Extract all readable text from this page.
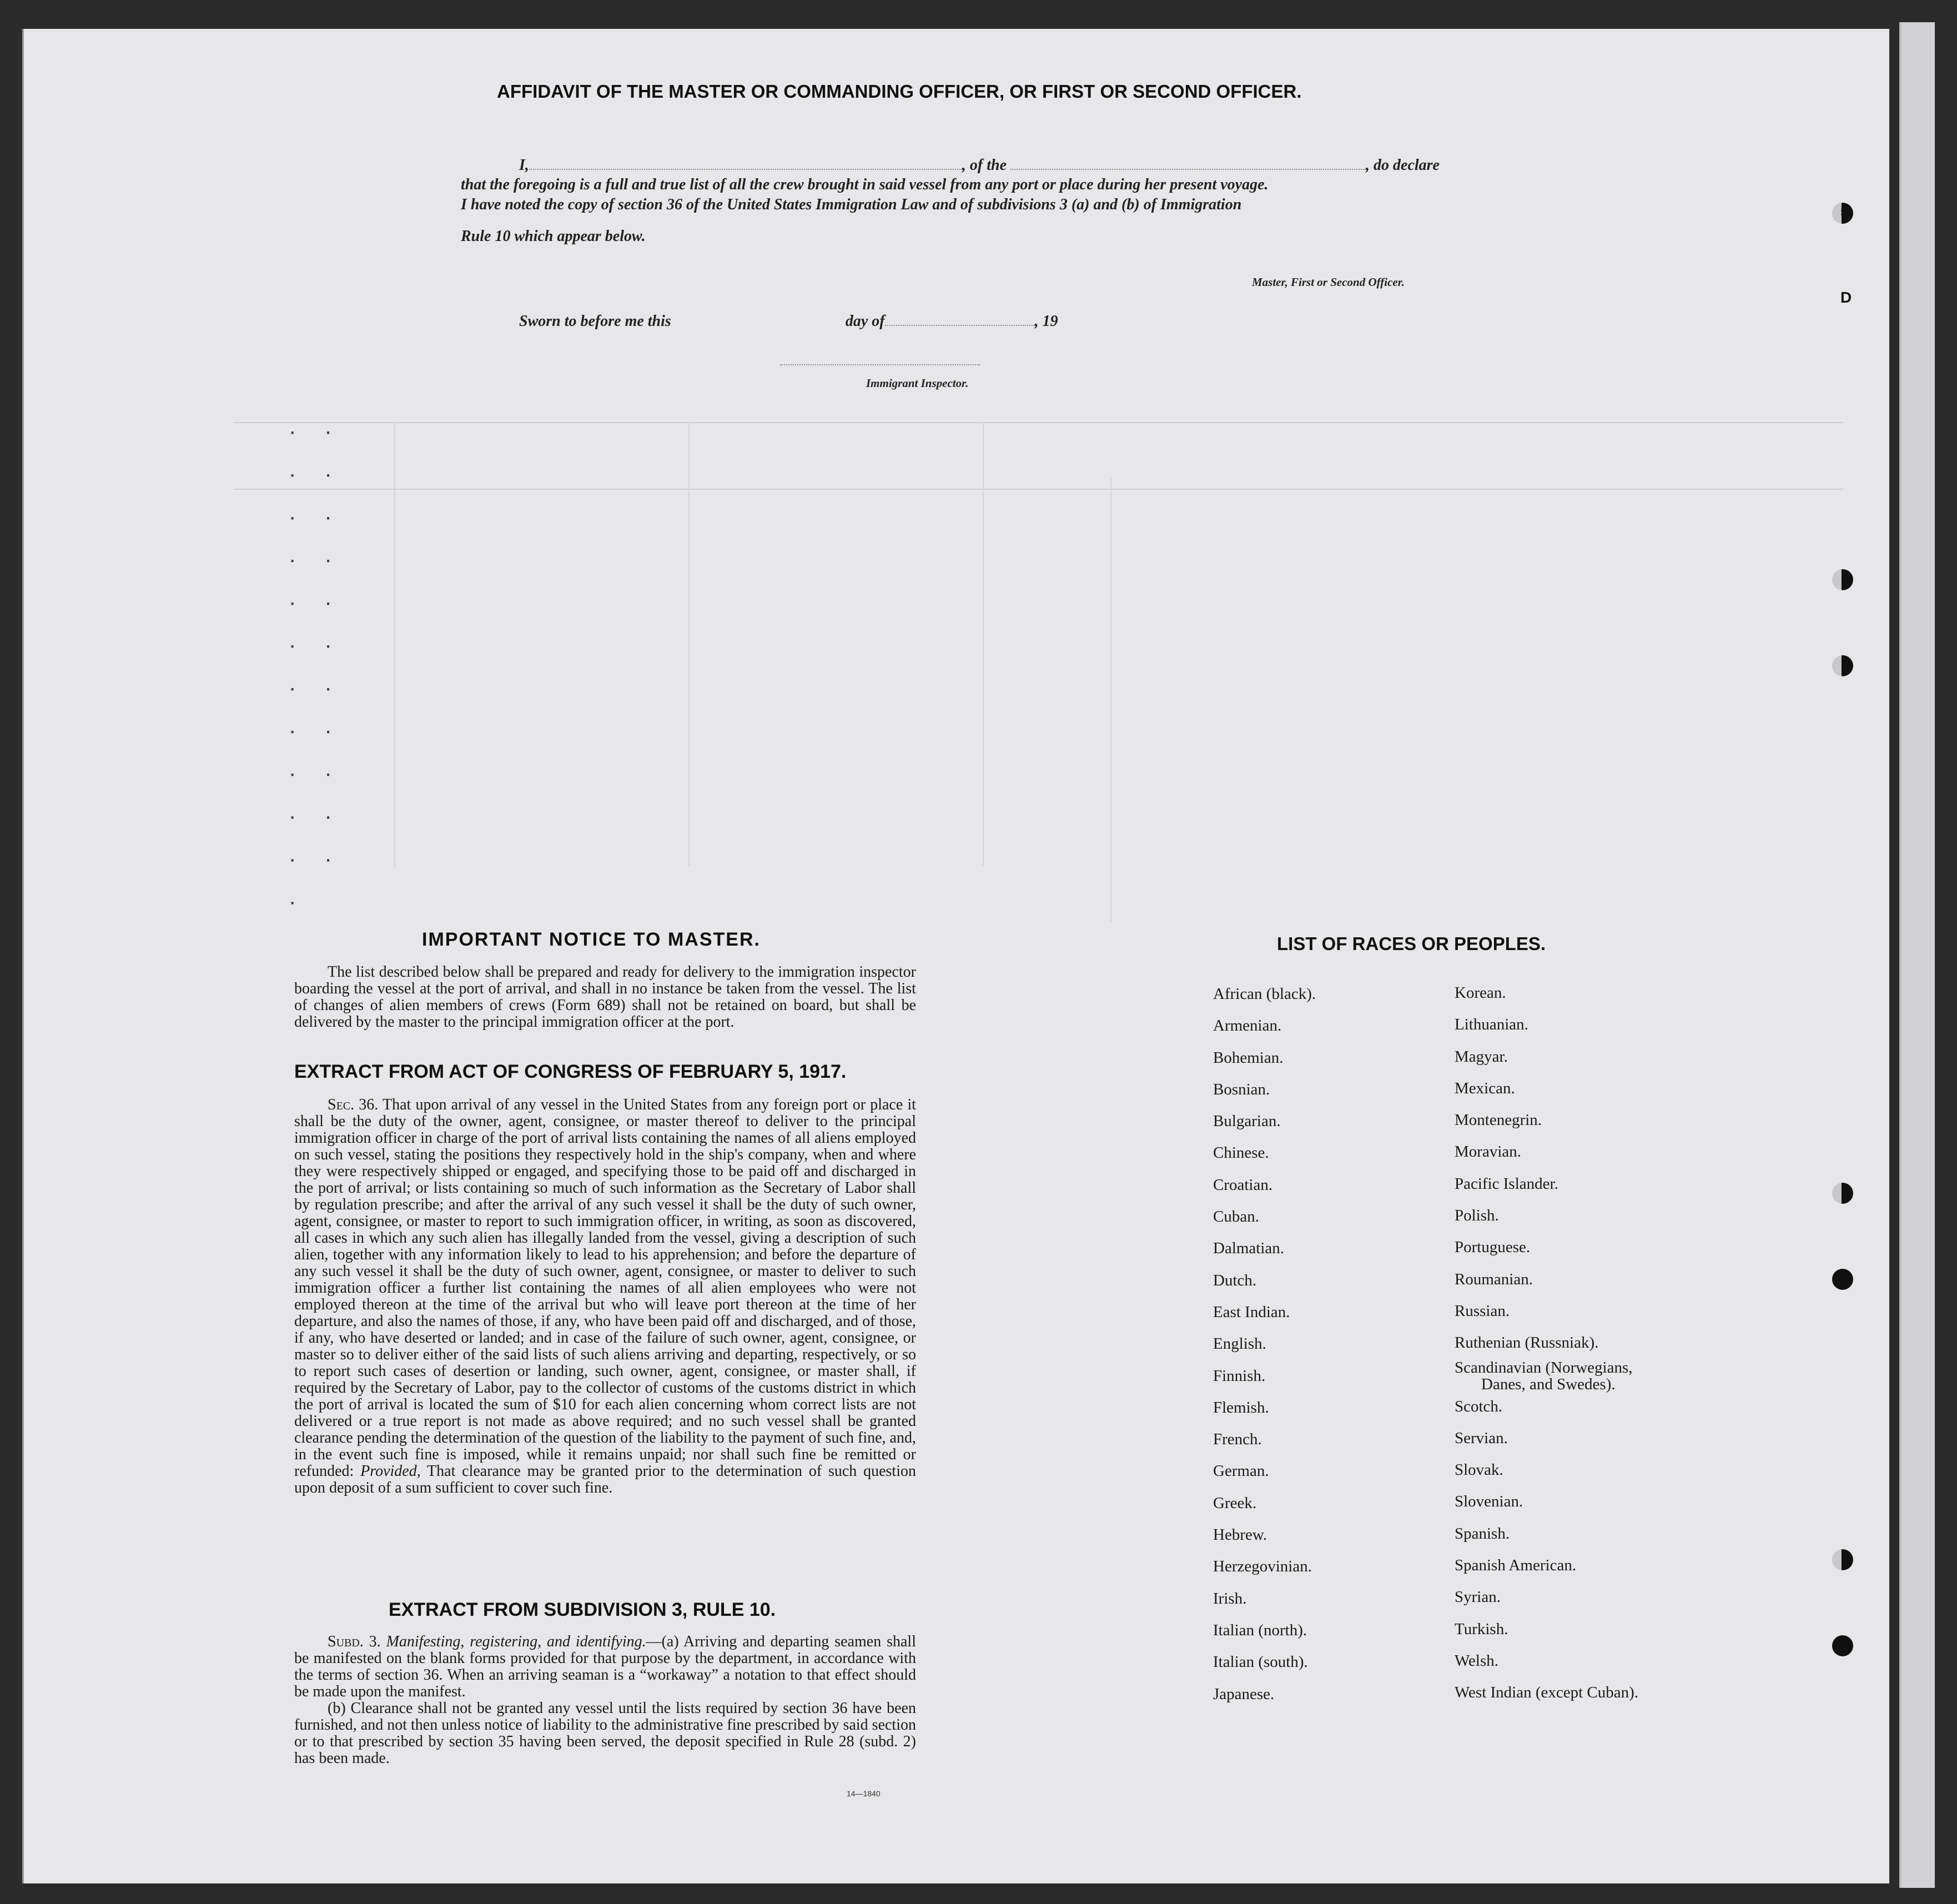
· ·
· ·
· ·
· ·
· ·
· ·
· ·
· ·
· ·
· ·
· ·
·
5
D
AFFIDAVIT OF THE MASTER OR COMMANDING OFFICER, OR FIRST OR SECOND OFFICER.
I,	, of the	, do declare
that the foregoing is a full and true list of all the crew brought in said vessel from any port or place during her present voyage.
I have noted the copy of section 36 of the United States Immigration Law and of subdivisions 3 (a) and (b) of Immigration
Rule 10 which appear below.
Master, First or Second Officer.
Sworn to before me this	day of	, 19
Immigrant Inspector.
IMPORTANT NOTICE TO MASTER.
The list described below shall be prepared and ready for delivery to the immigration inspector boarding the vessel at the port of arrival, and shall in no instance be taken from the vessel. The list of changes of alien members of crews (Form 689) shall not be retained on board, but shall be delivered by the master to the principal immigration officer at the port.
EXTRACT FROM ACT OF CONGRESS OF FEBRUARY 5, 1917.
Sec. 36. That upon arrival of any vessel in the United States from any foreign port or place it shall be the duty of the owner, agent, consignee, or master thereof to deliver to the principal immigration officer in charge of the port of arrival lists containing the names of all aliens employed on such vessel, stating the positions they respectively hold in the ship's company, when and where they were respectively shipped or engaged, and specifying those to be paid off and discharged in the port of arrival; or lists containing so much of such information as the Secretary of Labor shall by regulation prescribe; and after the arrival of any such vessel it shall be the duty of such owner, agent, consignee, or master to report to such immigration officer, in writing, as soon as discovered, all cases in which any such alien has illegally landed from the vessel, giving a description of such alien, together with any information likely to lead to his apprehension; and before the departure of any such vessel it shall be the duty of such owner, agent, consignee, or master to deliver to such immigration officer a further list containing the names of all alien employees who were not employed thereon at the time of the arrival but who will leave port thereon at the time of her departure, and also the names of those, if any, who have been paid off and discharged, and of those, if any, who have deserted or landed; and in case of the failure of such owner, agent, consignee, or master so to deliver either of the said lists of such aliens arriving and departing, respectively, or so to report such cases of desertion or landing, such owner, agent, consignee, or master shall, if required by the Secretary of Labor, pay to the collector of customs of the customs district in which the port of arrival is located the sum of $10 for each alien concerning whom correct lists are not delivered or a true report is not made as above required; and no such vessel shall be granted clearance pending the determination of the question of the liability to the payment of such fine, and, in the event such fine is imposed, while it remains unpaid; nor shall such fine be remitted or refunded: Provided, That clearance may be granted prior to the determination of such question upon deposit of a sum sufficient to cover such fine.
EXTRACT FROM SUBDIVISION 3, RULE 10.
Subd. 3. Manifesting, registering, and identifying.—(a) Arriving and departing seamen shall be manifested on the blank forms provided for that purpose by the department, in accordance with the terms of section 36. When an arriving seaman is a “workaway” a notation to that effect should be made upon the manifest.
(b) Clearance shall not be granted any vessel until the lists required by section 36 have been furnished, and not then unless notice of liability to the administrative fine prescribed by said section or to that prescribed by section 35 having been served, the deposit specified in Rule 28 (subd. 2) has been made.
14—1840
LIST OF RACES OR PEOPLES.
African (black).
Armenian.
Bohemian.
Bosnian.
Bulgarian.
Chinese.
Croatian.
Cuban.
Dalmatian.
Dutch.
East Indian.
English.
Finnish.
Flemish.
French.
German.
Greek.
Hebrew.
Herzegovinian.
Irish.
Italian (north).
Italian (south).
Japanese.
Korean.
Lithuanian.
Magyar.
Mexican.
Montenegrin.
Moravian.
Pacific Islander.
Polish.
Portuguese.
Roumanian.
Russian.
Ruthenian (Russniak).
Scandinavian (Norwegians,
Danes, and Swedes).
Scotch.
Servian.
Slovak.
Slovenian.
Spanish.
Spanish American.
Syrian.
Turkish.
Welsh.
West Indian (except Cuban).
